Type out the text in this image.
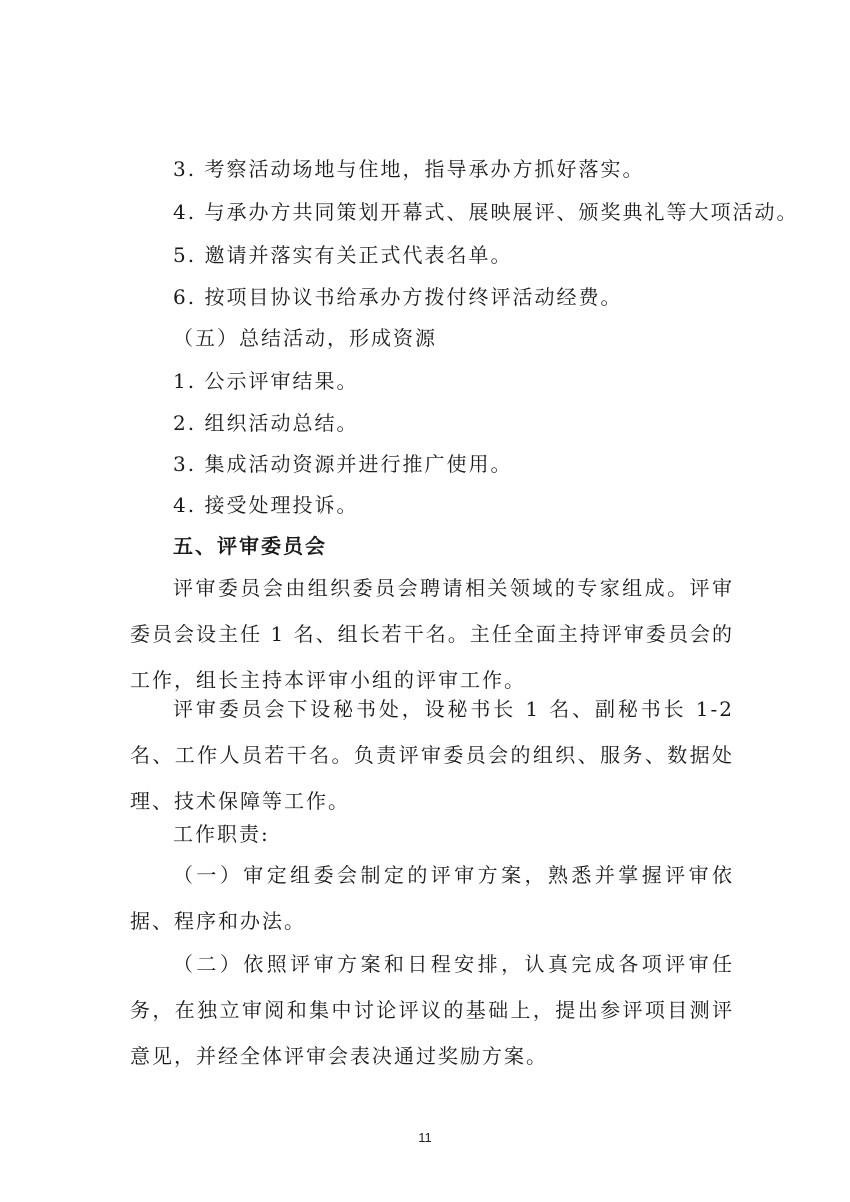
3. 考察活动场地与住地，指导承办方抓好落实。
4. 与承办方共同策划开幕式、展映展评、颁奖典礼等大项活动。
5. 邀请并落实有关正式代表名单。
6. 按项目协议书给承办方拨付终评活动经费。
（五）总结活动，形成资源
1. 公示评审结果。
2. 组织活动总结。
3. 集成活动资源并进行推广使用。
4. 接受处理投诉。
五、评审委员会
评审委员会由组织委员会聘请相关领域的专家组成。评审委员会设主任 1 名、组长若干名。主任全面主持评审委员会的工作，组长主持本评审小组的评审工作。
评审委员会下设秘书处，设秘书长 1 名、副秘书长 1-2 名、工作人员若干名。负责评审委员会的组织、服务、数据处理、技术保障等工作。
工作职责:
（一）审定组委会制定的评审方案，熟悉并掌握评审依据、程序和办法。
（二）依照评审方案和日程安排，认真完成各项评审任务，在独立审阅和集中讨论评议的基础上，提出参评项目测评意见，并经全体评审会表决通过奖励方案。
11
